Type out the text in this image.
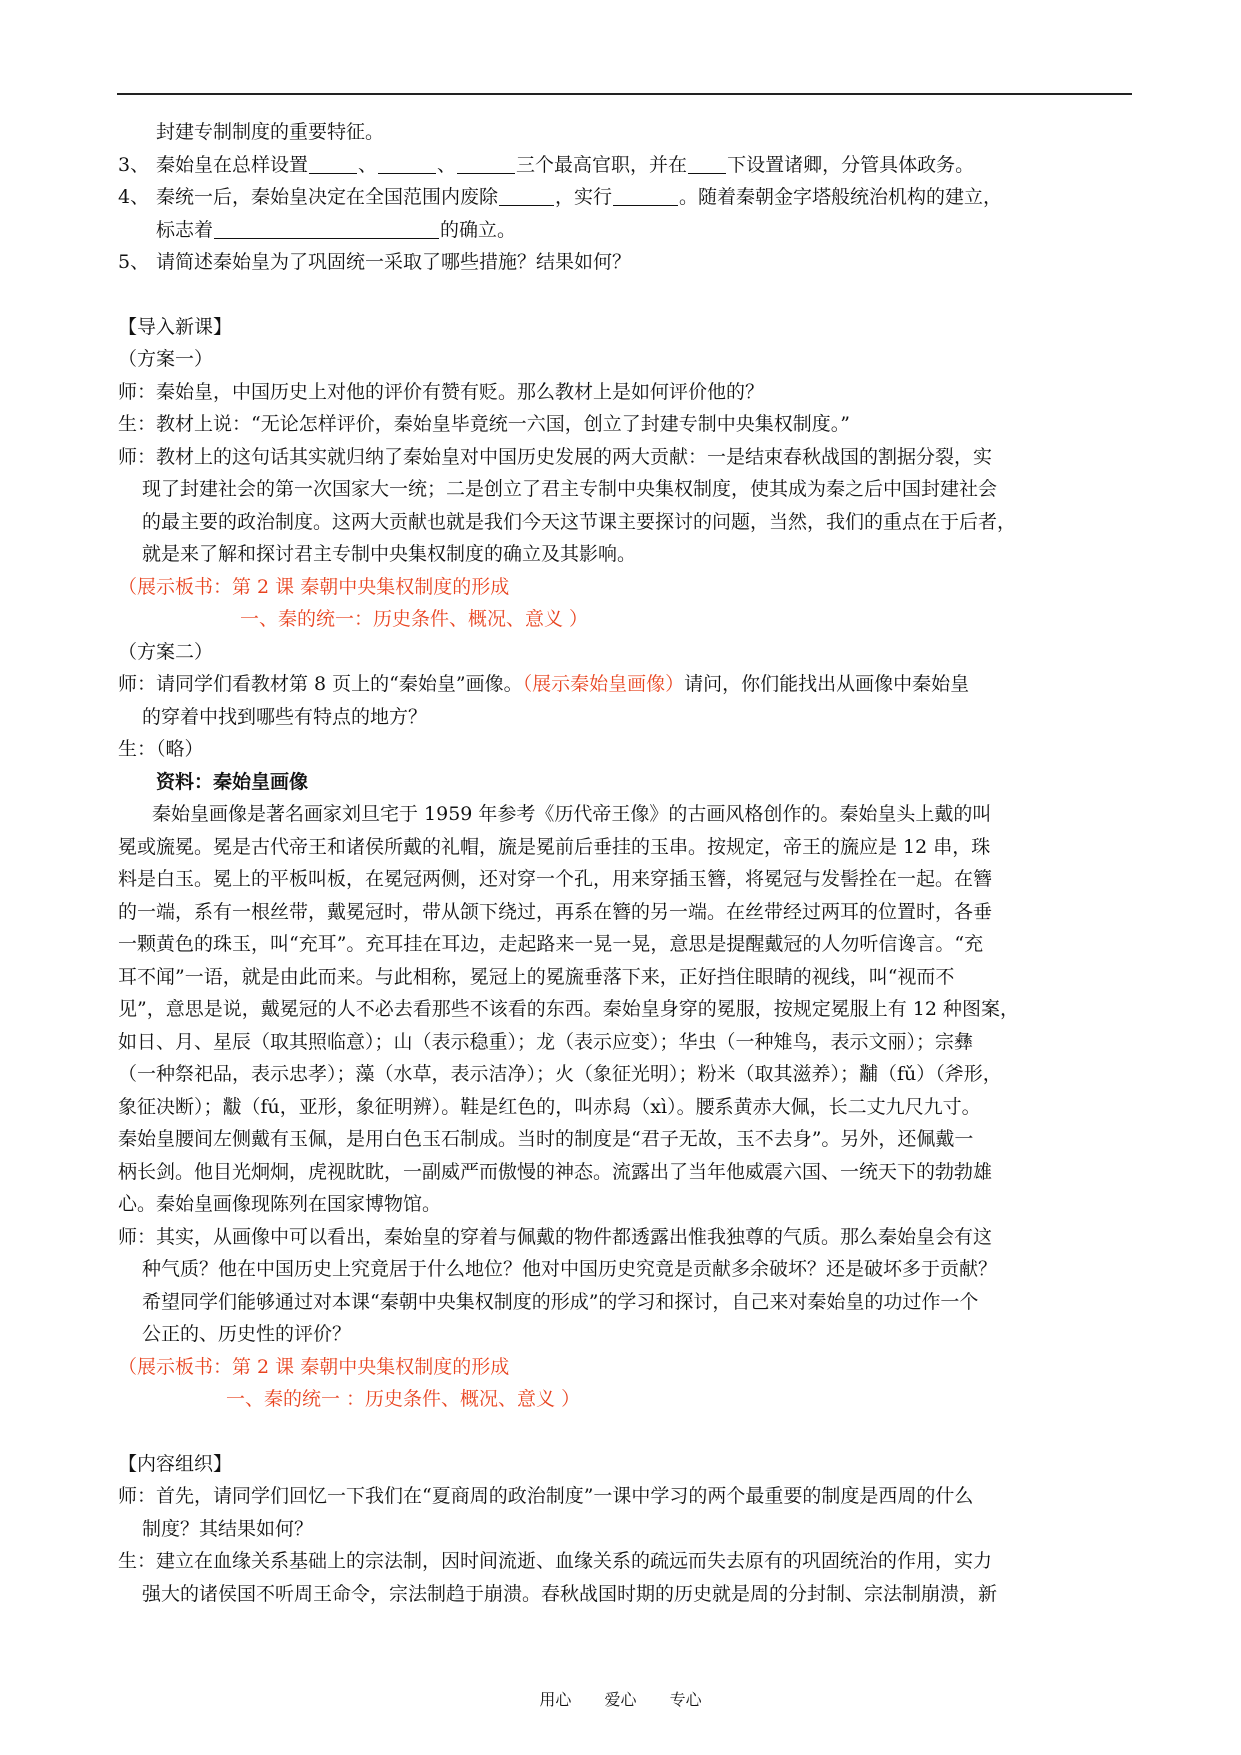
封建专制制度的重要特征。
3、 秦始皇在总样设置	、	、	三个最高官职，并在 下设置诸卿，分管具体政务。
4、 秦统一后，秦始皇决定在全国范围内废除	，实行	。随着秦朝金字塔般统治机构的建立，
标志着	的确立。
5、 请简述秦始皇为了巩固统一采取了哪些措施？结果如何？
【导入新课】
（方案一）
师：秦始皇，中国历史上对他的评价有赞有贬。那么教材上是如何评价他的？
生：教材上说：“无论怎样评价，秦始皇毕竟统一六国，创立了封建专制中央集权制度。”
师：教材上的这句话其实就归纳了秦始皇对中国历史发展的两大贡献：一是结束春秋战国的割据分裂，实
现了封建社会的第一次国家大一统；二是创立了君主专制中央集权制度，使其成为秦之后中国封建社会
的最主要的政治制度。这两大贡献也就是我们今天这节课主要探讨的问题，当然，我们的重点在于后者，
就是来了解和探讨君主专制中央集权制度的确立及其影响。
（展示板书：第 2 课 秦朝中央集权制度的形成
一、秦的统一：历史条件、概况、意义 ）
（方案二）
师：请同学们看教材第 8 页上的“秦始皇”画像。（展示秦始皇画像）请问，你们能找出从画像中秦始皇
的穿着中找到哪些有特点的地方？
生：（略）
资料：秦始皇画像
秦始皇画像是著名画家刘旦宅于 1959 年参考《历代帝王像》的古画风格创作的。秦始皇头上戴的叫
冕或旒冕。冕是古代帝王和诸侯所戴的礼帽，旒是冕前后垂挂的玉串。按规定，帝王的旒应是 12 串，珠
料是白玉。冕上的平板叫板，在冕冠两侧，还对穿一个孔，用来穿插玉簪，将冕冠与发髻拴在一起。在簪
的一端，系有一根丝带，戴冕冠时，带从颌下绕过，再系在簪的另一端。在丝带经过两耳的位置时，各垂
一颗黄色的珠玉，叫“充耳”。充耳挂在耳边，走起路来一晃一晃，意思是提醒戴冠的人勿听信谗言。“充
耳不闻”一语，就是由此而来。与此相称，冕冠上的冕旒垂落下来，正好挡住眼睛的视线，叫“视而不
见”，意思是说，戴冕冠的人不必去看那些不该看的东西。秦始皇身穿的冕服，按规定冕服上有 12 种图案，
如日、月、星辰（取其照临意）；山（表示稳重）；龙（表示应变）；华虫（一种雉鸟，表示文丽）；宗彝
（一种祭祀品，表示忠孝）；藻（水草，表示洁净）；火（象征光明）；粉米（取其滋养）；黼（fǔ）（斧形，
象征决断）；黻（fú，亚形，象征明辨）。鞋是红色的，叫赤舄（xì）。腰系黄赤大佩，长二丈九尺九寸。
秦始皇腰间左侧戴有玉佩，是用白色玉石制成。当时的制度是“君子无故，玉不去身”。另外，还佩戴一
柄长剑。他目光炯炯，虎视眈眈，一副威严而傲慢的神态。流露出了当年他威震六国、一统天下的勃勃雄
心。秦始皇画像现陈列在国家博物馆。
师：其实，从画像中可以看出，秦始皇的穿着与佩戴的物件都透露出惟我独尊的气质。那么秦始皇会有这
种气质？他在中国历史上究竟居于什么地位？他对中国历史究竟是贡献多余破坏？还是破坏多于贡献？
希望同学们能够通过对本课“秦朝中央集权制度的形成”的学习和探讨，自己来对秦始皇的功过作一个
公正的、历史性的评价？
（展示板书：第 2 课 秦朝中央集权制度的形成
一、秦的统一 ：历史条件、概况、意义 ）
【内容组织】
师：首先，请同学们回忆一下我们在“夏商周的政治制度”一课中学习的两个最重要的制度是西周的什么
制度？其结果如何？
生：建立在血缘关系基础上的宗法制，因时间流逝、血缘关系的疏远而失去原有的巩固统治的作用，实力
强大的诸侯国不听周王命令，宗法制趋于崩溃。春秋战国时期的历史就是周的分封制、宗法制崩溃，新
用心 爱心 专心
